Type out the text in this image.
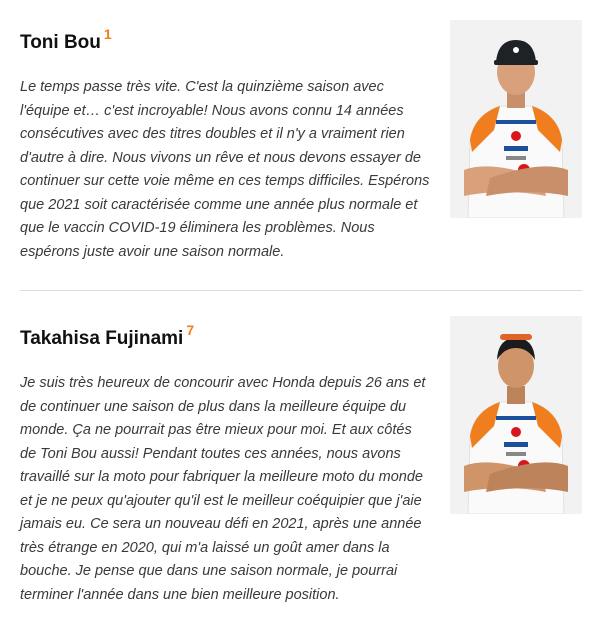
Toni Bou $^1$

Le temps passe très vite. C'est la quinzième saison avec l'équipe et… c'est incroyable! Nous avons connu 14 années consécutives avec des titres doubles et il n'y a vraiment rien d'autre à dire. Nous vivons un rêve et nous devons essayer de continuer sur cette voie même en ces temps difficiles. Espérons que 2021 soit caractérisée comme une année plus normale et que le vaccin COVID-19 éliminera les problèmes. Nous espérons juste avoir une saison normale.

Takahisa Fujinami $^7$

Je suis très heureux de concourir avec Honda depuis 26 ans et de continuer une saison de plus dans la meilleure équipe du monde. Ça ne pourrait pas être mieux pour moi. Et aux côtés de Toni Bou aussi! Pendant toutes ces années, nous avons travaillé sur la moto pour fabriquer la meilleure moto du monde et je ne peux qu'ajouter qu'il est le meilleur coéquipier que j'aie jamais eu. Ce sera un nouveau défi en 2021, après une année très étrange en 2020, qui m'a laissé un goût amer dans la bouche. Je pense que dans une saison normale, je pourrai terminer l'année dans une bien meilleure position.
